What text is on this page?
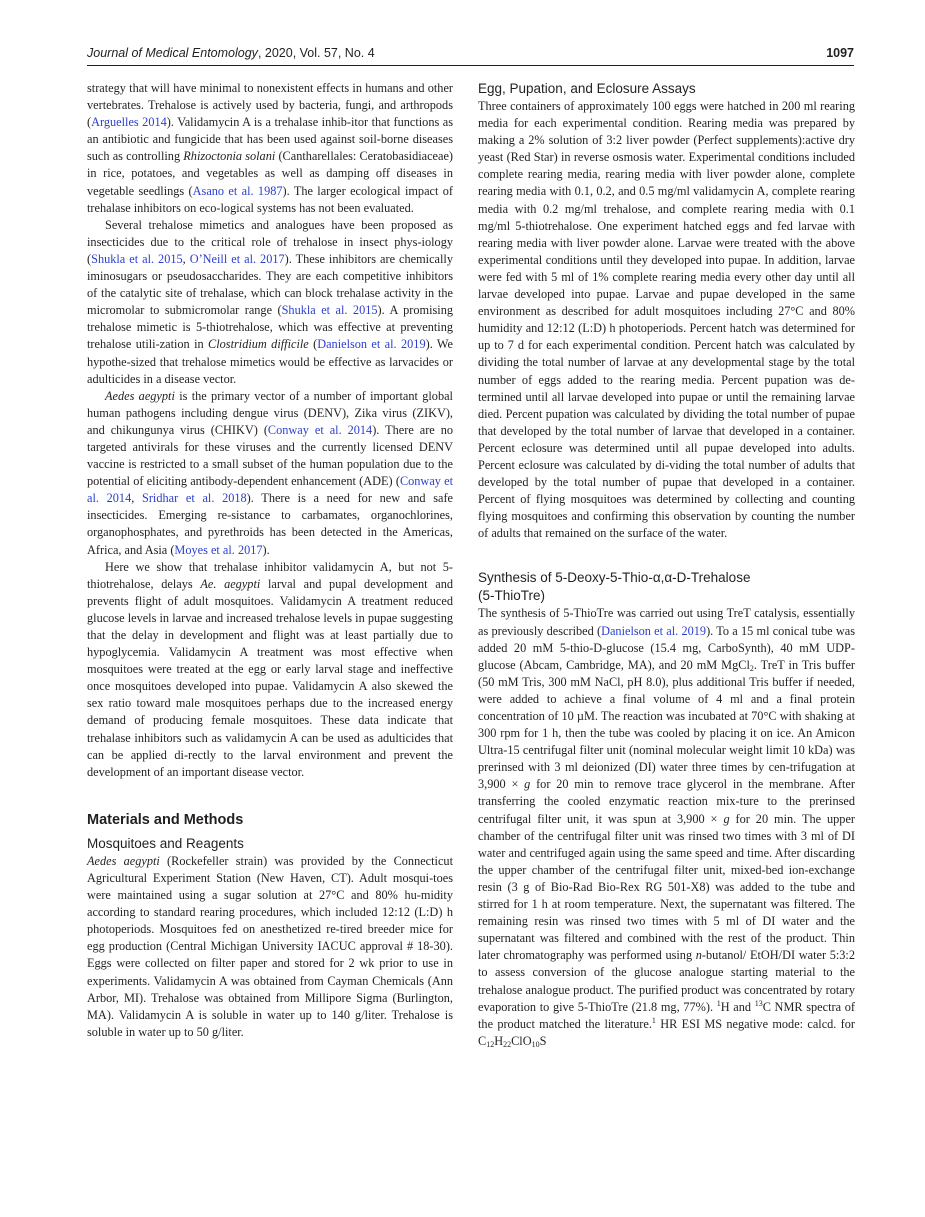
Journal of Medical Entomology, 2020, Vol. 57, No. 4	1097

strategy that will have minimal to nonexistent effects in humans and other vertebrates. Trehalose is actively used by bacteria, fungi, and arthropods (Arguelles 2014). Validamycin A is a trehalase inhib-itor that functions as an antibiotic and fungicide that has been used against soil-borne diseases such as controlling Rhizoctonia solani (Cantharellales: Ceratobasidiaceae) in rice, potatoes, and vegetables as well as damping off diseases in vegetable seedlings (Asano et al. 1987). The larger ecological impact of trehalase inhibitors on eco-logical systems has not been evaluated.

Several trehalose mimetics and analogues have been proposed as insecticides due to the critical role of trehalose in insect phys-iology (Shukla et al. 2015, O’Neill et al. 2017). These inhibitors are chemically iminosugars or pseudosaccharides. They are each competitive inhibitors of the catalytic site of trehalase, which can block trehalase activity in the micromolar to submicromolar range (Shukla et al. 2015). A promising trehalose mimetic is 5-thiotrehalose, which was effective at preventing trehalose utili-zation in Clostridium difficile (Danielson et al. 2019). We hypothe-sized that trehalose mimetics would be effective as larvacides or adulticides in a disease vector.

Aedes aegypti is the primary vector of a number of important global human pathogens including dengue virus (DENV), Zika virus (ZIKV), and chikungunya virus (CHIKV) (Conway et al. 2014). There are no targeted antivirals for these viruses and the currently licensed DENV vaccine is restricted to a small subset of the human population due to the potential of eliciting antibody-dependent enhancement (ADE) (Conway et al. 2014, Sridhar et al. 2018). There is a need for new and safe insecticides. Emerging re-sistance to carbamates, organochlorines, organophosphates, and pyrethroids has been detected in the Americas, Africa, and Asia (Moyes et al. 2017).

Here we show that trehalase inhibitor validamycin A, but not 5-thiotrehalose, delays Ae. aegypti larval and pupal development and prevents flight of adult mosquitoes. Validamycin A treatment reduced glucose levels in larvae and increased trehalose levels in pupae suggesting that the delay in development and flight was at least partially due to hypoglycemia. Validamycin A treatment was most effective when mosquitoes were treated at the egg or early larval stage and ineffective once mosquitoes developed into pupae. Validamycin A also skewed the sex ratio toward male mosquitoes perhaps due to the increased energy demand of producing female mosquitoes. These data indicate that trehalase inhibitors such as validamycin A can be used as adulticides that can be applied di-rectly to the larval environment and prevent the development of an important disease vector.

Materials and Methods
Mosquitoes and Reagents

Aedes aegypti (Rockefeller strain) was provided by the Connecticut Agricultural Experiment Station (New Haven, CT). Adult mosqui-toes were maintained using a sugar solution at 27°C and 80% hu-midity according to standard rearing procedures, which included 12:12 (L:D) h photoperiods. Mosquitoes fed on anesthetized re-tired breeder mice for egg production (Central Michigan University IACUC approval # 18-30). Eggs were collected on filter paper and stored for 2 wk prior to use in experiments. Validamycin A was obtained from Cayman Chemicals (Ann Arbor, MI). Trehalose was obtained from Millipore Sigma (Burlington, MA). Validamycin A is soluble in water up to 140 g/liter. Trehalose is soluble in water up to 50 g/liter.

Egg, Pupation, and Eclosure Assays

Three containers of approximately 100 eggs were hatched in 200 ml rearing media for each experimental condition. Rearing media was prepared by making a 2% solution of 3:2 liver powder (Perfect supplements):active dry yeast (Red Star) in reverse osmosis water. Experimental conditions included complete rearing media, rearing media with liver powder alone, complete rearing media with 0.1, 0.2, and 0.5 mg/ml validamycin A, complete rearing media with 0.2 mg/ml trehalose, and complete rearing media with 0.1 mg/ml 5-thiotrehalose. One experiment hatched eggs and fed larvae with rearing media with liver powder alone. Larvae were treated with the above experimental conditions until they developed into pupae. In addition, larvae were fed with 5 ml of 1% complete rearing media every other day until all larvae developed into pupae. Larvae and pupae developed in the same environment as described for adult mosquitoes including 27°C and 80% humidity and 12:12 (L:D) h photoperiods. Percent hatch was determined for up to 7 d for each experimental condition. Percent hatch was calculated by dividing the total number of larvae at any developmental stage by the total number of eggs added to the rearing media. Percent pupation was de-termined until all larvae developed into pupae or until the remaining larvae died. Percent pupation was calculated by dividing the total number of pupae that developed by the total number of larvae that developed in a container. Percent eclosure was determined until all pupae developed into adults. Percent eclosure was calculated by di-viding the total number of adults that developed by the total number of pupae that developed in a container. Percent of flying mosquitoes was determined by collecting and counting flying mosquitoes and confirming this observation by counting the number of adults that remained on the surface of the water.

Synthesis of 5-Deoxy-5-Thio-α,α-D-Trehalose
(5-ThioTre)

The synthesis of 5-ThioTre was carried out using TreT catalysis, essentially as previously described (Danielson et al. 2019). To a 15 ml conical tube was added 20 mM 5-thio-D-glucose (15.4 mg, CarboSynth), 40 mM UDP-glucose (Abcam, Cambridge, MA), and 20 mM MgCl$_2$. TreT in Tris buffer (50 mM Tris, 300 mM NaCl, pH 8.0), plus additional Tris buffer if needed, were added to achieve a final volume of 4 ml and a final protein concentration of 10 µM. The reaction was incubated at 70°C with shaking at 300 rpm for 1 h, then the tube was cooled by placing it on ice. An Amicon Ultra-15 centrifugal filter unit (nominal molecular weight limit 10 kDa) was prerinsed with 3 ml deionized (DI) water three times by cen-trifugation at 3,900 × g for 20 min to remove trace glycerol in the membrane. After transferring the cooled enzymatic reaction mix-ture to the prerinsed centrifugal filter unit, it was spun at 3,900 × g for 20 min. The upper chamber of the centrifugal filter unit was rinsed two times with 3 ml of DI water and centrifuged again using the same speed and time. After discarding the upper chamber of the centrifugal filter unit, mixed-bed ion-exchange resin (3 g of Bio-Rad Bio-Rex RG 501-X8) was added to the tube and stirred for 1 h at room temperature. Next, the supernatant was filtered. The remaining resin was rinsed two times with 5 ml of DI water and the supernatant was filtered and combined with the rest of the product. Thin later chromatography was performed using n-butanol/ EtOH/DI water 5:3:2 to assess conversion of the glucose analogue starting material to the trehalose analogue product. The purified product was concentrated by rotary evaporation to give 5-ThioTre (21.8 mg, 77%). $^1$H and $^{13}$C NMR spectra of the product matched the literature.$^1$ HR ESI MS negative mode: calcd. for $C_{12}H_{22}ClO_{10}S$
